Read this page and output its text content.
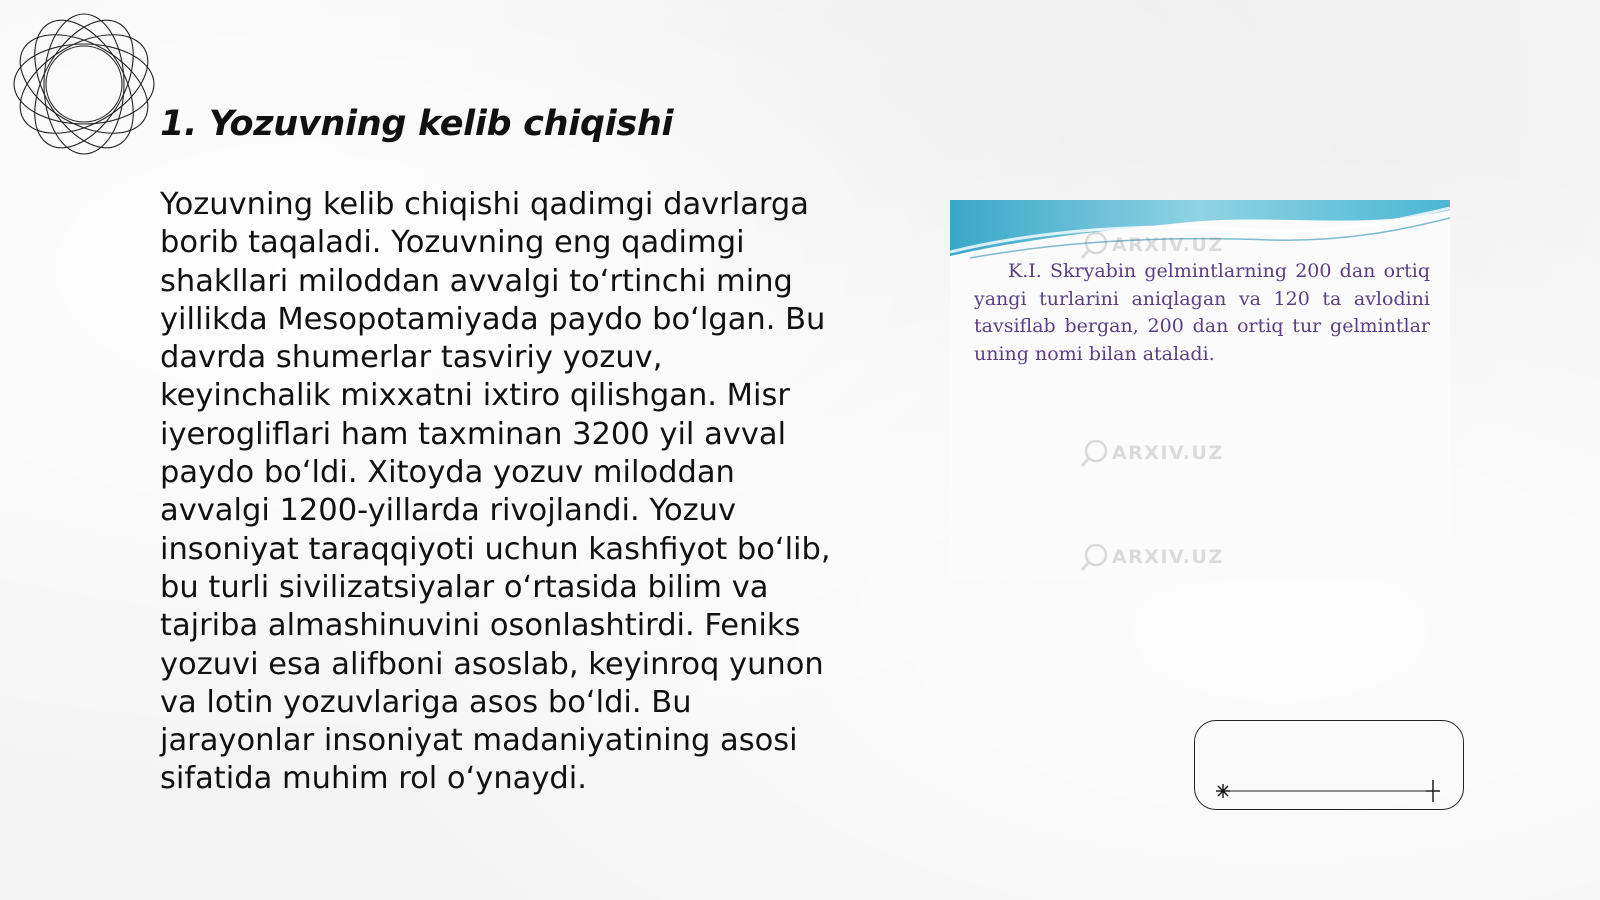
1. Yozuvning kelib chiqishi

Yozuvning kelib chiqishi qadimgi davrlarga borib taqaladi. Yozuvning eng qadimgi shakllari miloddan avvalgi to‘rtinchi ming yillikda Mesopotamiyada paydo bo‘lgan. Bu davrda shumerlar tasviriy yozuv, keyinchalik mixxatni ixtiro qilishgan. Misr iyerogliflari ham taxminan 3200 yil avval paydo bo‘ldi. Xitoyda yozuv miloddan avvalgi 1200-yillarda rivojlandi. Yozuv insoniyat taraqqiyoti uchun kashfiyot bo‘lib, bu turli sivilizatsiyalar o‘rtasida bilim va tajriba almashinuvini osonlashtirdi. Feniks yozuvi esa alifboni asoslab, keyinroq yunon va lotin yozuvlariga asos bo‘ldi. Bu jarayonlar insoniyat madaniyatining asosi sifatida muhim rol o‘ynaydi.

ARXIV.UZ

K.I. Skryabin gelmintlarning 200 dan ortiq yangi turlarini aniqlagan va 120 ta avlodini tavsiflab bergan, 200 dan ortiq tur gelmintlar uning nomi bilan ataladi.

ARXIV.UZ
ARXIV.UZ
